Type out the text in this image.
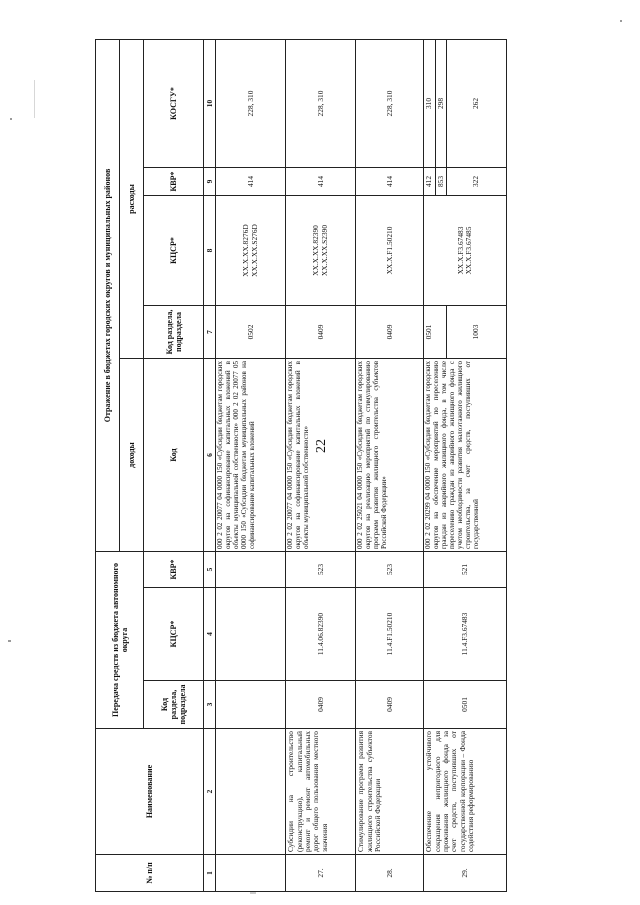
22
№ п/п	Наименование	Передача средств из бюджета автономного округа			Отражение в бюджетах городских округов и муниципальных районов				
					доходы	расходы			
		Код раздела, подраздела	КЦСР*	КВР*	Код	Код раздела, подраздела	КЦСР*	КВР*	КОСГУ*
1	2	3	4	5	6	7	8	9	10
					000 2 02 20077 04 0000 150 «Субсидии бюджетам городских округов на софинансирование капитальных вложений в объекты муниципальной собственности» 000 2 02 20077 05 0000 150 «Субсидии бюджетам муниципальных районов на софинансирование капитальных вложений	0502	XX.X.XX.8276D XX.X.XX.S276D	414	228, 310
27.	Субсидии на строительство (реконструкцию), капитальный ремонт и ремонт автомобильных дорог общего пользования местного значения	0409	11.4.06.82390	523	000 2 02 20077 04 0000 150 «Субсидии бюджетам городских округов на софинансирование капитальных вложений в объекты муниципальной собственности»	0409	XX.X.XX.82390 XX.X.XX.S2390	414	228, 310
28.	Стимулирование программ развития жилищного строительства субъектов Российской Федерации	0409	11.4.F1.50210	523	000 2 02 25021 04 0000 150 «Субсидии бюджетам городских округов на реализацию мероприятий по стимулированию программ развития жилищного строительства субъектов Российской Федерации»	0409	XX.X.F1.50210	414	228, 310
29.	Обеспечение устойчивого сокращения непригодного для проживания жилищного фонда за счет средств, поступивших от государственной корпорации – Фонда содействия реформированию	0501	11.4.F3.67483	521	000 2 02 20299 04 0000 150 «Субсидии бюджетам городских округов на обеспечение мероприятий по переселению граждан из аварийного жилищного фонда, в том числе переселению граждан из аварийного жилищного фонда с учетом необходимости развития малоэтажного жилищного строительства, за счет средств, поступивших от государственной	0501	XX.X.F3.67483 XX.X.F3.67485	412	310
								853	298
						1003		322	262
